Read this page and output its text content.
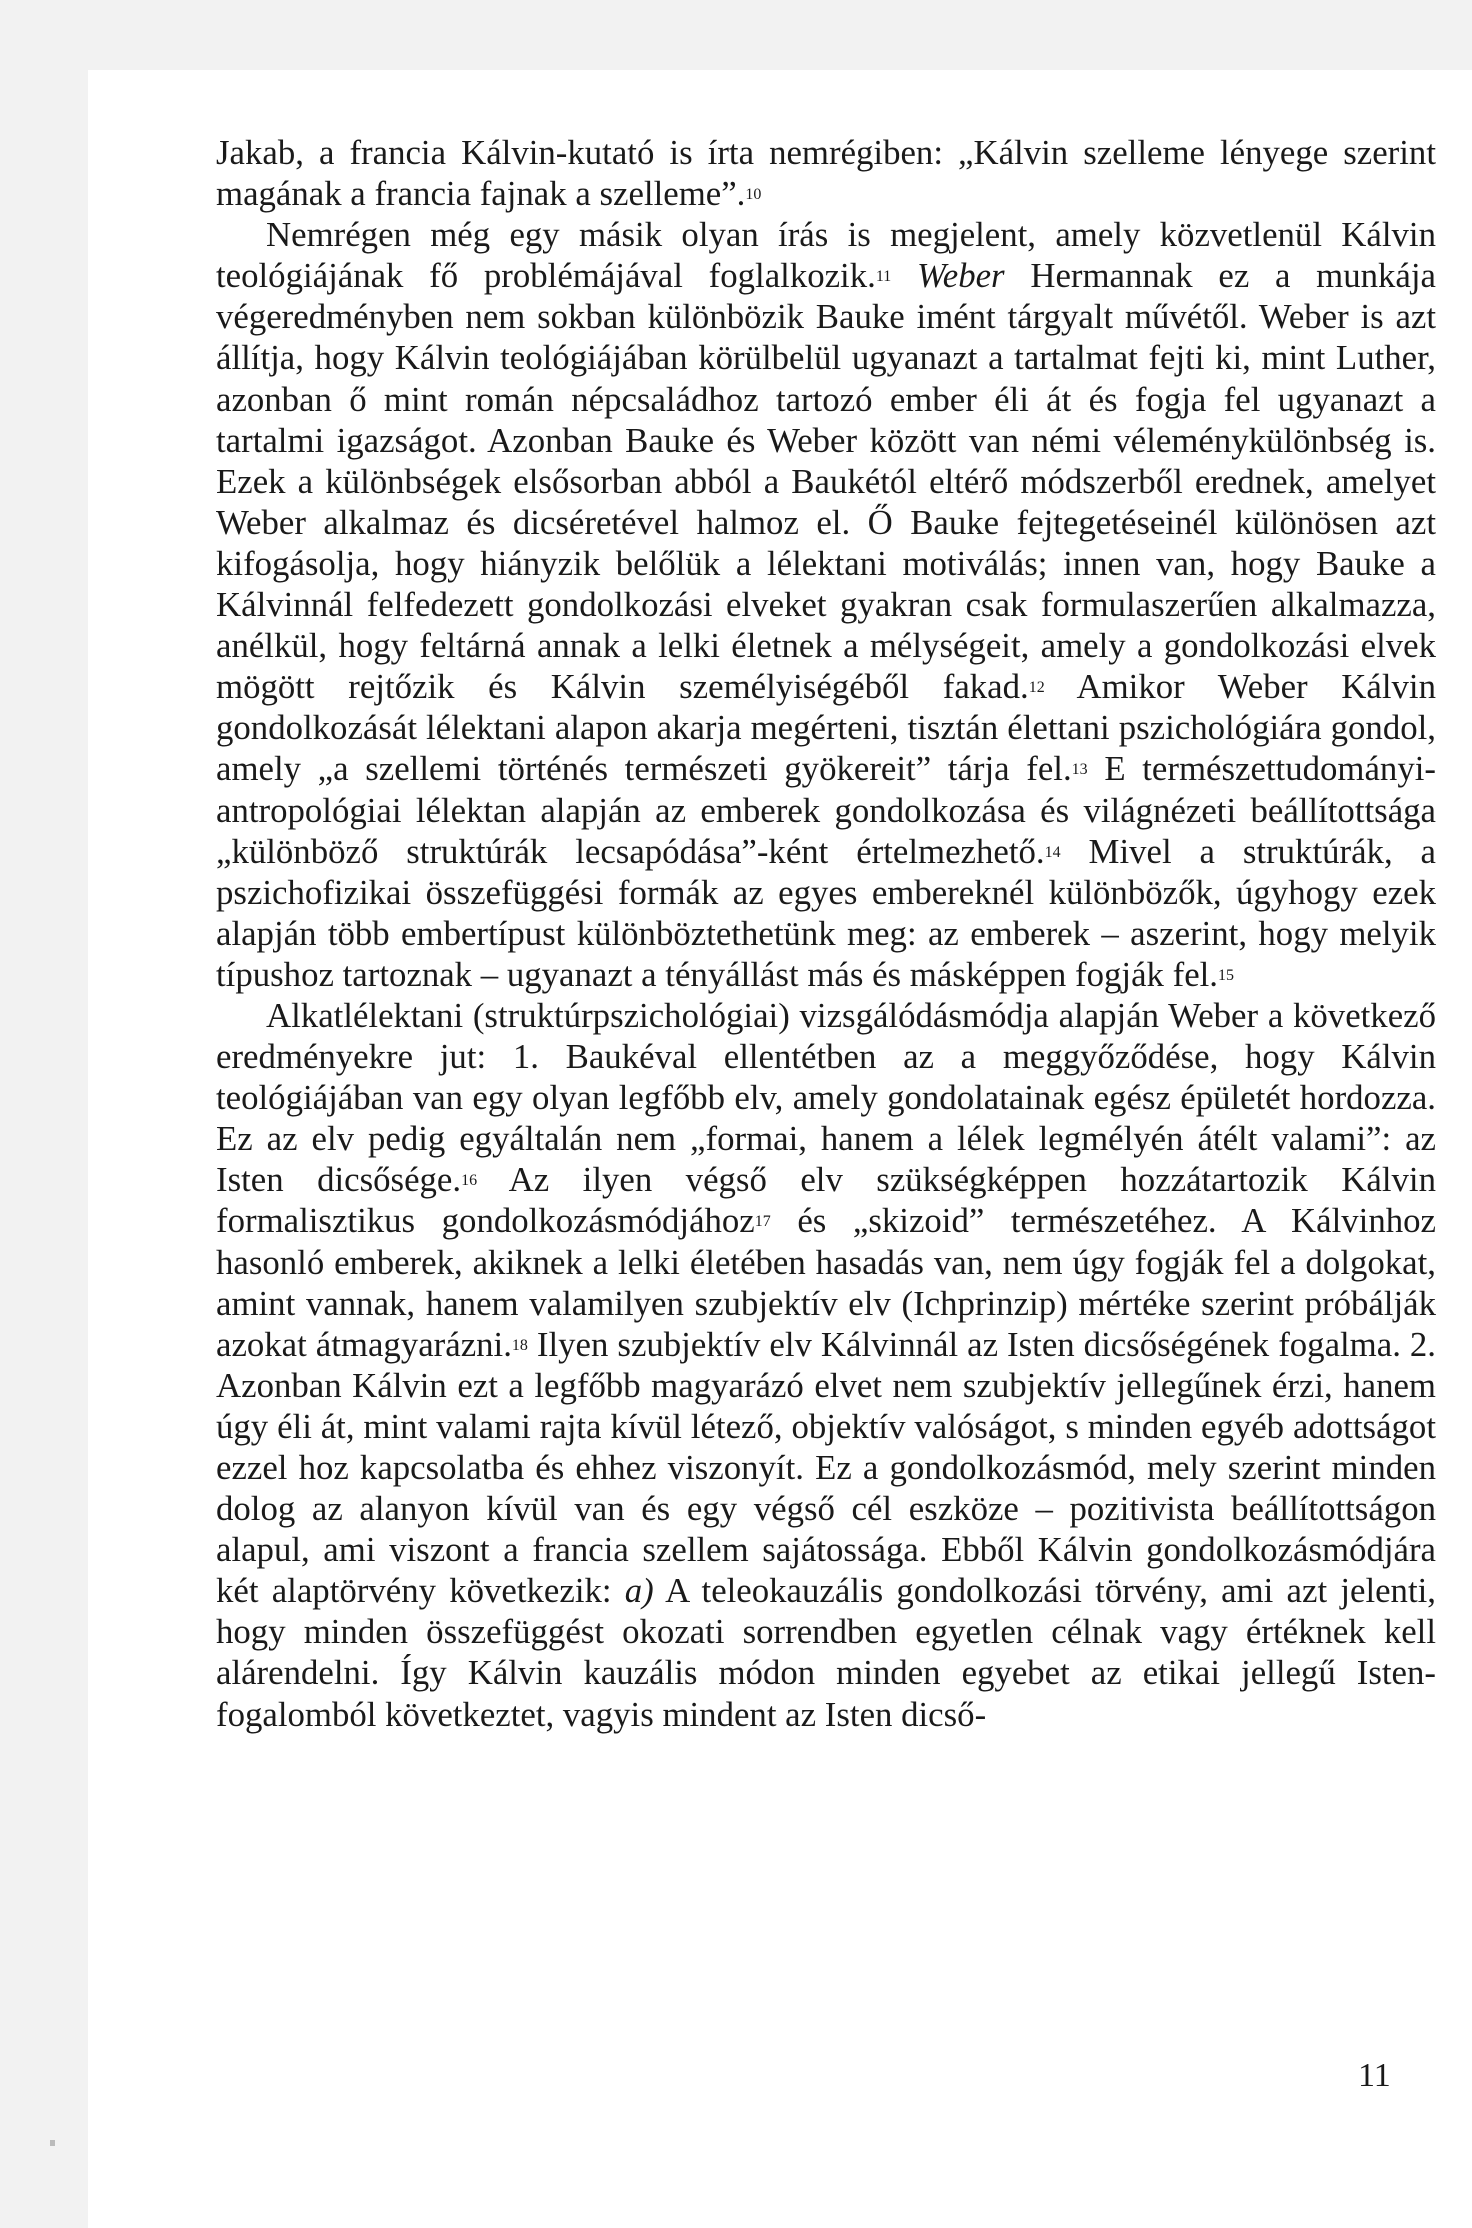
Jakab, a francia Kálvin-kutató is írta nemrégiben: „Kálvin szelleme lényege szerint magának a francia fajnak a szelleme”.$^{10}$

Nemrégen még egy másik olyan írás is megjelent, amely közvetlenül Kálvin teológiájának fő problémájával foglalkozik.$^{11}$ Weber Hermannak ez a munkája végeredményben nem sokban különbözik Bauke imént tárgyalt művétől. Weber is azt állítja, hogy Kálvin teológiájában körülbelül ugyanazt a tartalmat fejti ki, mint Luther, azonban ő mint román népcsaládhoz tartozó ember éli át és fogja fel ugyanazt a tartalmi igazságot. Azonban Bauke és Weber között van némi véleménykülönbség is. Ezek a különbségek elsősorban abból a Baukétól eltérő módszerből erednek, amelyet Weber alkalmaz és dicséretével halmoz el. Ő Bauke fejtegetéseinél különösen azt kifogásolja, hogy hiányzik belőlük a lélektani motiválás; innen van, hogy Bauke a Kálvinnál felfedezett gondolkozási elveket gyakran csak formulaszerűen alkalmazza, anélkül, hogy feltárná annak a lelki életnek a mélységeit, amely a gondolkozási elvek mögött rejtőzik és Kálvin személyiségéből fakad.$^{12}$ Amikor Weber Kálvin gondolkozását lélektani alapon akarja megérteni, tisztán élettani pszichológiára gondol, amely „a szellemi történés természeti gyökereit” tárja fel.$^{13}$ E természettudományi-antropológiai lélektan alapján az emberek gondolkozása és világnézeti beállítottsága „különböző struktúrák lecsapódása”-ként értelmezhető.$^{14}$ Mivel a struktúrák, a pszichofizikai összefüggési formák az egyes embereknél különbözők, úgyhogy ezek alapján több embertípust különböztethetünk meg: az emberek – aszerint, hogy melyik típushoz tartoznak – ugyanazt a tényállást más és másképpen fogják fel.$^{15}$

Alkatlélektani (struktúrpszichológiai) vizsgálódásmódja alapján Weber a következő eredményekre jut: 1. Baukéval ellentétben az a meggyőződése, hogy Kálvin teológiájában van egy olyan legfőbb elv, amely gondolatainak egész épületét hordozza. Ez az elv pedig egyáltalán nem „formai, hanem a lélek legmélyén átélt valami”: az Isten dicsősége.$^{16}$ Az ilyen végső elv szükségképpen hozzátartozik Kálvin formalisztikus gondolkozásmódjához$^{17}$ és „skizoid” természetéhez. A Kálvinhoz hasonló emberek, akiknek a lelki életében hasadás van, nem úgy fogják fel a dolgokat, amint vannak, hanem valamilyen szubjektív elv (Ichprinzip) mértéke szerint próbálják azokat átmagyarázni.$^{18}$ Ilyen szubjektív elv Kálvinnál az Isten dicsőségének fogalma. 2. Azonban Kálvin ezt a legfőbb magyarázó elvet nem szubjektív jellegűnek érzi, hanem úgy éli át, mint valami rajta kívül létező, objektív valóságot, s minden egyéb adottságot ezzel hoz kapcsolatba és ehhez viszonyít. Ez a gondolkozásmód, mely szerint minden dolog az alanyon kívül van és egy végső cél eszköze – pozitivista beállítottságon alapul, ami viszont a francia szellem sajátossága. Ebből Kálvin gondolkozásmódjára két alaptörvény következik: a) A teleokauzális gondolkozási törvény, ami azt jelenti, hogy minden összefüggést okozati sorrendben egyetlen célnak vagy értéknek kell alárendelni. Így Kálvin kauzális módon minden egyebet az etikai jellegű Isten-fogalomból következtet, vagyis mindent az Isten dicső-

11
